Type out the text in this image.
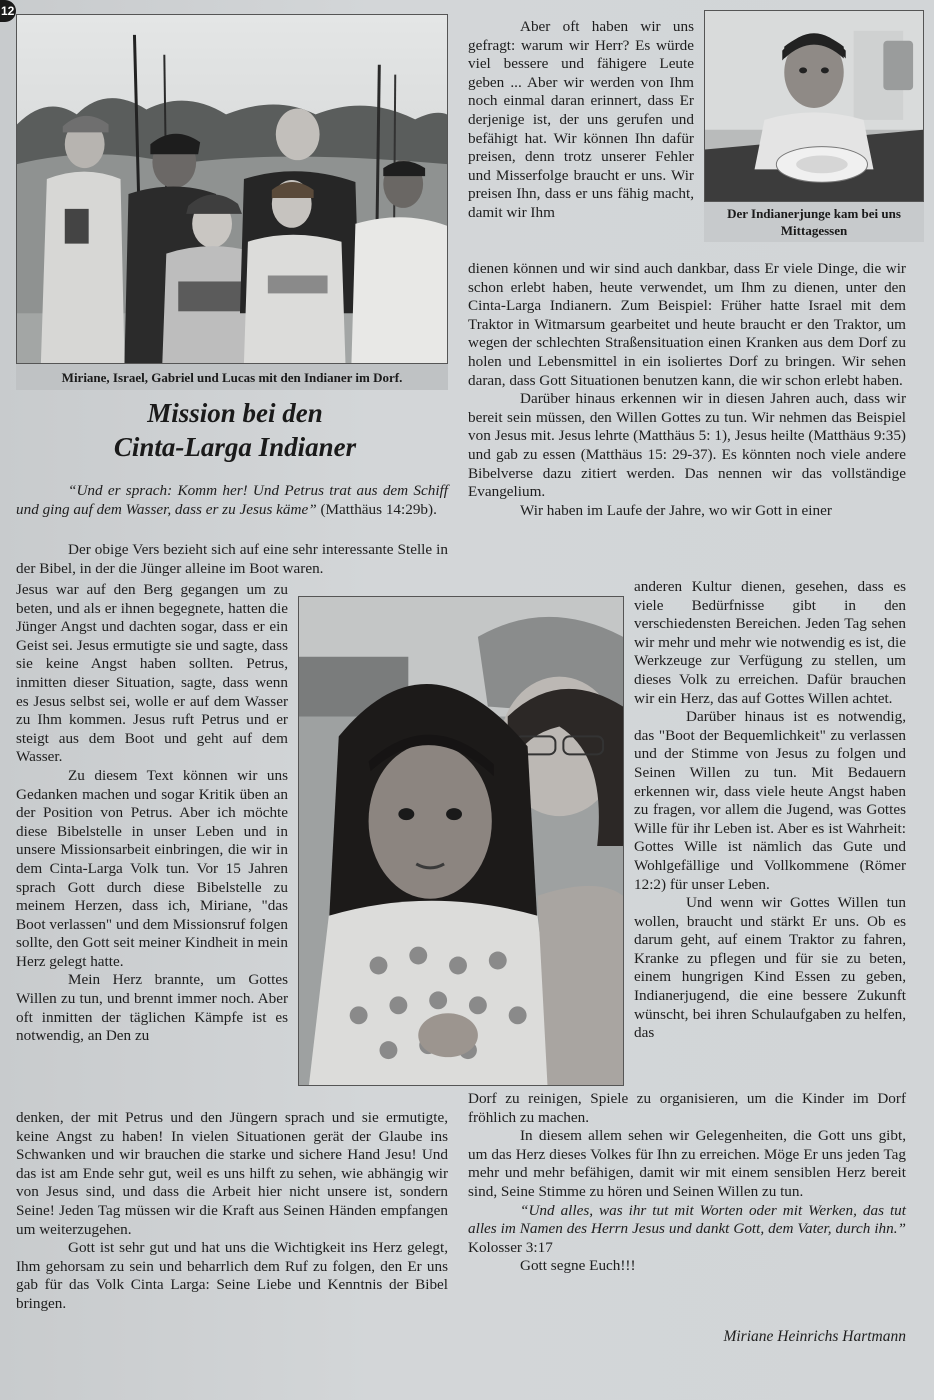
12
Miriane, Israel, Gabriel und Lucas mit den Indianer im Dorf.
Der Indianerjunge kam bei uns Mittagessen
Mission bei den
Cinta-Larga Indianer

“Und er sprach: Komm her! Und Petrus trat aus dem Schiff und ging auf dem Wasser, dass er zu Jesus käme” (Matthäus 14:29b).

Der obige Vers bezieht sich auf eine sehr interessante Stelle in der Bibel, in der die Jünger alleine im Boot waren.

Jesus war auf den Berg gegangen um zu beten, und als er ihnen begegnete, hatten die Jünger Angst und dachten sogar, dass er ein Geist sei. Jesus ermutigte sie und sagte, dass sie keine Angst haben sollten. Petrus, inmitten dieser Situation, sagte, dass wenn es Jesus selbst sei, wolle er auf dem Wasser zu Ihm kommen. Jesus ruft Petrus und er steigt aus dem Boot und geht auf dem Wasser.

Zu diesem Text können wir uns Gedanken machen und sogar Kritik üben an der Position von Petrus. Aber ich möchte diese Bibelstelle in unser Leben und in unsere Missionsarbeit einbringen, die wir in dem Cinta-Larga Volk tun. Vor 15 Jahren sprach Gott durch diese Bibelstelle zu meinem Herzen, dass ich, Miriane, "das Boot verlassen" und dem Missionsruf folgen sollte, den Gott seit meiner Kindheit in mein Herz gelegt hatte.

Mein Herz brannte, um Gottes Willen zu tun, und brennt immer noch. Aber oft inmitten der täglichen Kämpfe ist es notwendig, an Den zu

denken, der mit Petrus und den Jüngern sprach und sie ermutigte, keine Angst zu haben! In vielen Situationen gerät der Glaube ins Schwanken und wir brauchen die starke und sichere Hand Jesu! Und das ist am Ende sehr gut, weil es uns hilft zu sehen, wie abhängig wir von Jesus sind, und dass die Arbeit hier nicht unsere ist, sondern Seine! Jeden Tag müssen wir die Kraft aus Seinen Händen empfangen um weiterzugehen.

Gott ist sehr gut und hat uns die Wichtigkeit ins Herz gelegt, Ihm gehorsam zu sein und beharrlich dem Ruf zu folgen, den Er uns gab für das Volk Cinta Larga: Seine Liebe und Kenntnis der Bibel bringen.

Aber oft haben wir uns gefragt: warum wir Herr? Es würde viel bessere und fähigere Leute geben ... Aber wir werden von Ihm noch einmal daran erinnert, dass Er derjenige ist, der uns gerufen und befähigt hat. Wir können Ihn dafür preisen, denn trotz unserer Fehler und Misserfolge braucht er uns. Wir preisen Ihn, dass er uns fähig macht, damit wir Ihm

dienen können und wir sind auch dankbar, dass Er viele Dinge, die wir schon erlebt haben, heute verwendet, um Ihm zu dienen, unter den Cinta-Larga Indianern. Zum Beispiel: Früher hatte Israel mit dem Traktor in Witmarsum gearbeitet und heute braucht er den Traktor, um wegen der schlechten Straßensituation einen Kranken aus dem Dorf zu holen und Lebensmittel in ein isoliertes Dorf zu bringen. Wir sehen daran, dass Gott Situationen benutzen kann, die wir schon erlebt haben.

Darüber hinaus erkennen wir in diesen Jahren auch, dass wir bereit sein müssen, den Willen Gottes zu tun. Wir nehmen das Beispiel von Jesus mit. Jesus lehrte (Matthäus 5: 1), Jesus heilte (Matthäus 9:35) und gab zu essen (Matthäus 15: 29-37). Es könnten noch viele andere Bibelverse dazu zitiert werden. Das nennen wir das vollständige Evangelium.

Wir haben im Laufe der Jahre, wo wir Gott in einer

anderen Kultur dienen, gesehen, dass es viele Bedürfnisse gibt in den verschiedensten Bereichen. Jeden Tag sehen wir mehr und mehr wie notwendig es ist, die Werkzeuge zur Verfügung zu stellen, um dieses Volk zu erreichen. Dafür brauchen wir ein Herz, das auf Gottes Willen achtet.

Darüber hinaus ist es notwendig, das "Boot der Bequemlichkeit" zu verlassen und der Stimme von Jesus zu folgen und Seinen Willen zu tun. Mit Bedauern erkennen wir, dass viele heute Angst haben zu fragen, vor allem die Jugend, was Gottes Wille für ihr Leben ist. Aber es ist Wahrheit: Gottes Wille ist nämlich das Gute und Wohlgefällige und Vollkommene (Römer 12:2) für unser Leben.

Und wenn wir Gottes Willen tun wollen, braucht und stärkt Er uns. Ob es darum geht, auf einem Traktor zu fahren, Kranke zu pflegen und für sie zu beten, einem hungrigen Kind Essen zu geben, Indianerjugend, die eine bessere Zukunft wünscht, bei ihren Schulaufgaben zu helfen, das

Dorf zu reinigen, Spiele zu organisieren, um die Kinder im Dorf fröhlich zu machen.

In diesem allem sehen wir Gelegenheiten, die Gott uns gibt, um das Herz dieses Volkes für Ihn zu erreichen. Möge Er uns jeden Tag mehr und mehr befähigen, damit wir mit einem sensiblen Herz bereit sind, Seine Stimme zu hören und Seinen Willen zu tun.

“Und alles, was ihr tut mit Worten oder mit Werken, das tut alles im Namen des Herrn Jesus und dankt Gott, dem Vater, durch ihn.” Kolosser 3:17

Gott segne Euch!!!

Miriane Heinrichs Hartmann
